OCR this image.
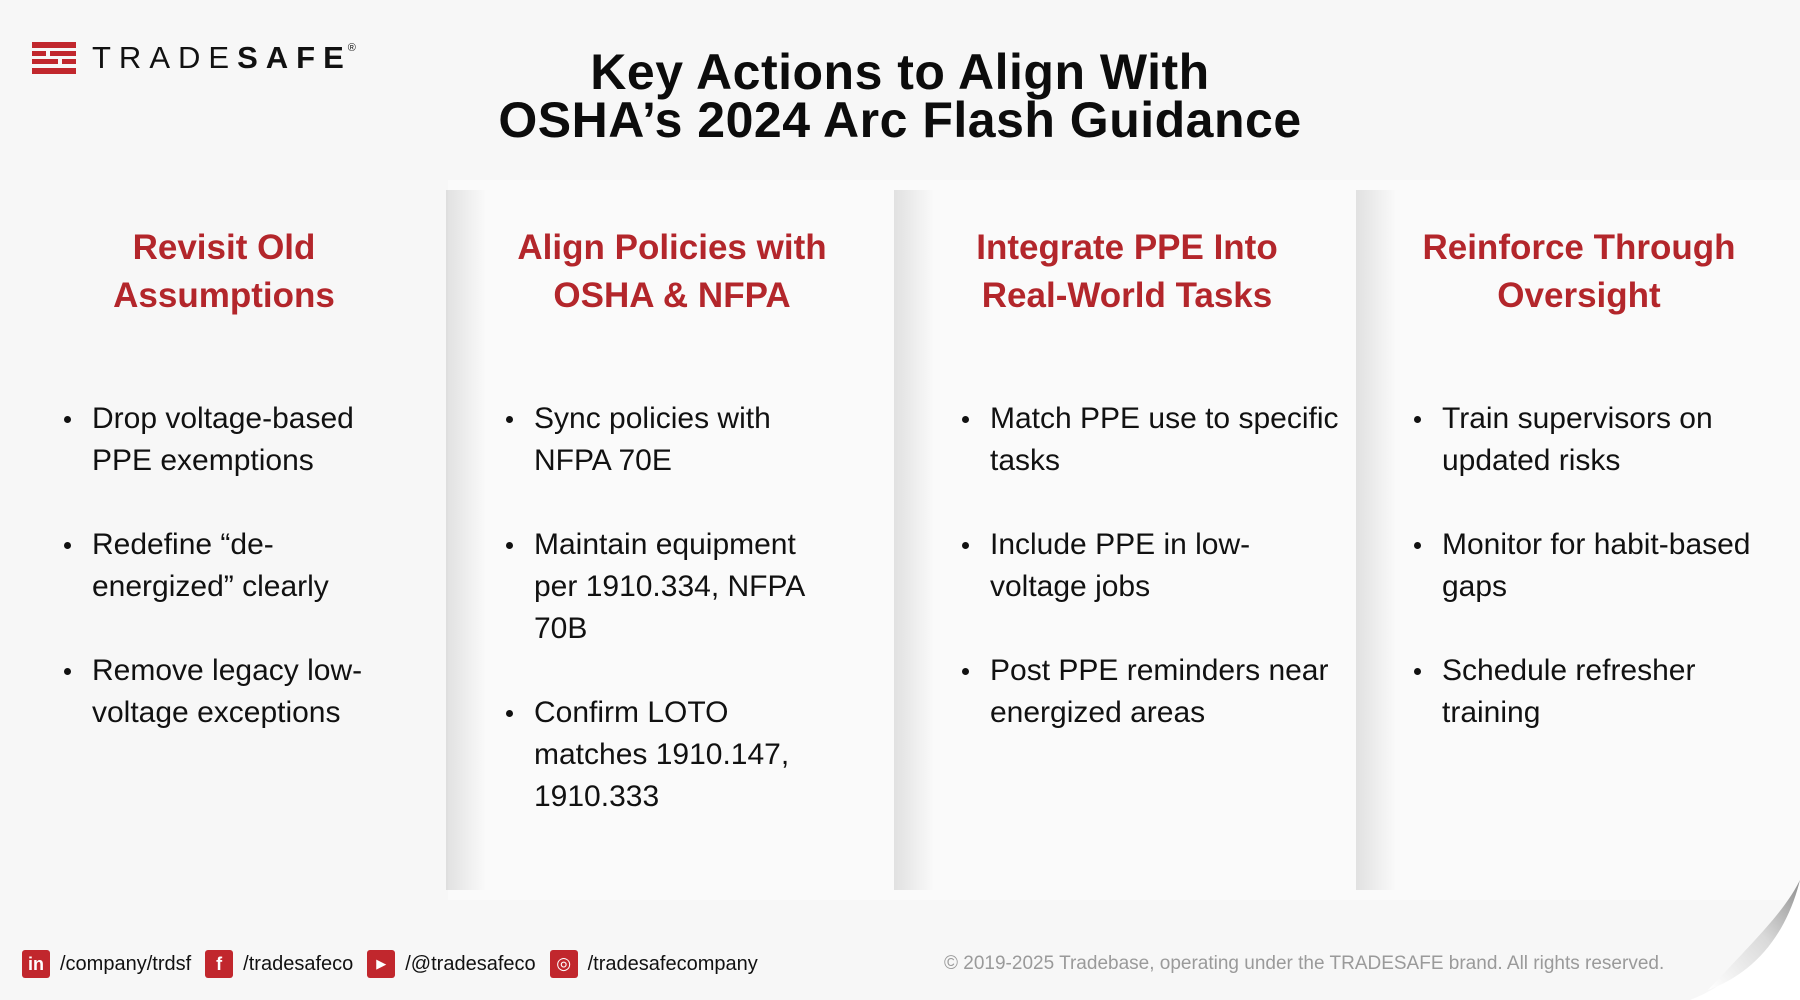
TRADESAFE®	Key Actions to Align With
OSHA’s 2024 Arc Flash Guidance
Revisit Old
Assumptions
Drop voltage-based PPE exemptions
Redefine “de-energized” clearly
Remove legacy low-voltage exceptions
Align Policies with
OSHA & NFPA
Sync policies with NFPA 70E
Maintain equipment per 1910.334, NFPA 70B
Confirm LOTO matches 1910.147, 1910.333
Integrate PPE Into
Real-World Tasks
Match PPE use to specific tasks
Include PPE in low-voltage jobs
Post PPE reminders near energized areas
Reinforce Through
Oversight
Train supervisors on updated risks
Monitor for habit-based gaps
Schedule refresher training
in /company/trdsf	f	/tradesafeco	▶ /@tradesafeco	◎ /tradesafecompany	© 2019-2025 Tradebase, operating under the TRADESAFE brand. All rights reserved.
